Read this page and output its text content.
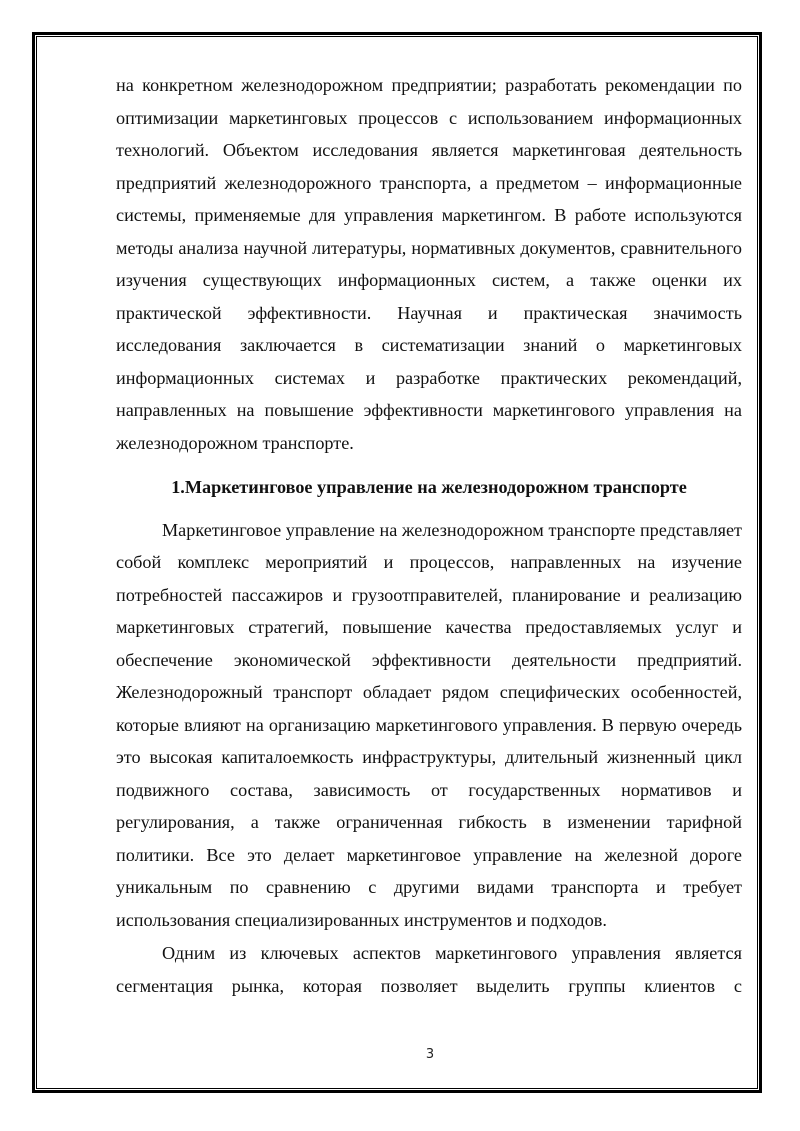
на конкретном железнодорожном предприятии; разработать рекомендации по оптимизации маркетинговых процессов с использованием информационных технологий. Объектом исследования является маркетинговая деятельность предприятий железнодорожного транспорта, а предметом – информационные системы, применяемые для управления маркетингом. В работе используются методы анализа научной литературы, нормативных документов, сравнительного изучения существующих информационных систем, а также оценки их практической эффективности. Научная и практическая значимость исследования заключается в систематизации знаний о маркетинговых информационных системах и разработке практических рекомендаций, направленных на повышение эффективности маркетингового управления на железнодорожном транспорте.

1.Маркетинговое управление на железнодорожном транспорте

Маркетинговое управление на железнодорожном транспорте представляет собой комплекс мероприятий и процессов, направленных на изучение потребностей пассажиров и грузоотправителей, планирование и реализацию маркетинговых стратегий, повышение качества предоставляемых услуг и обеспечение экономической эффективности деятельности предприятий. Железнодорожный транспорт обладает рядом специфических особенностей, которые влияют на организацию маркетингового управления. В первую очередь это высокая капиталоемкость инфраструктуры, длительный жизненный цикл подвижного состава, зависимость от государственных нормативов и регулирования, а также ограниченная гибкость в изменении тарифной политики. Все это делает маркетинговое управление на железной дороге уникальным по сравнению с другими видами транспорта и требует использования специализированных инструментов и подходов.

Одним из ключевых аспектов маркетингового управления является сегментация рынка, которая позволяет выделить группы клиентов с

3
